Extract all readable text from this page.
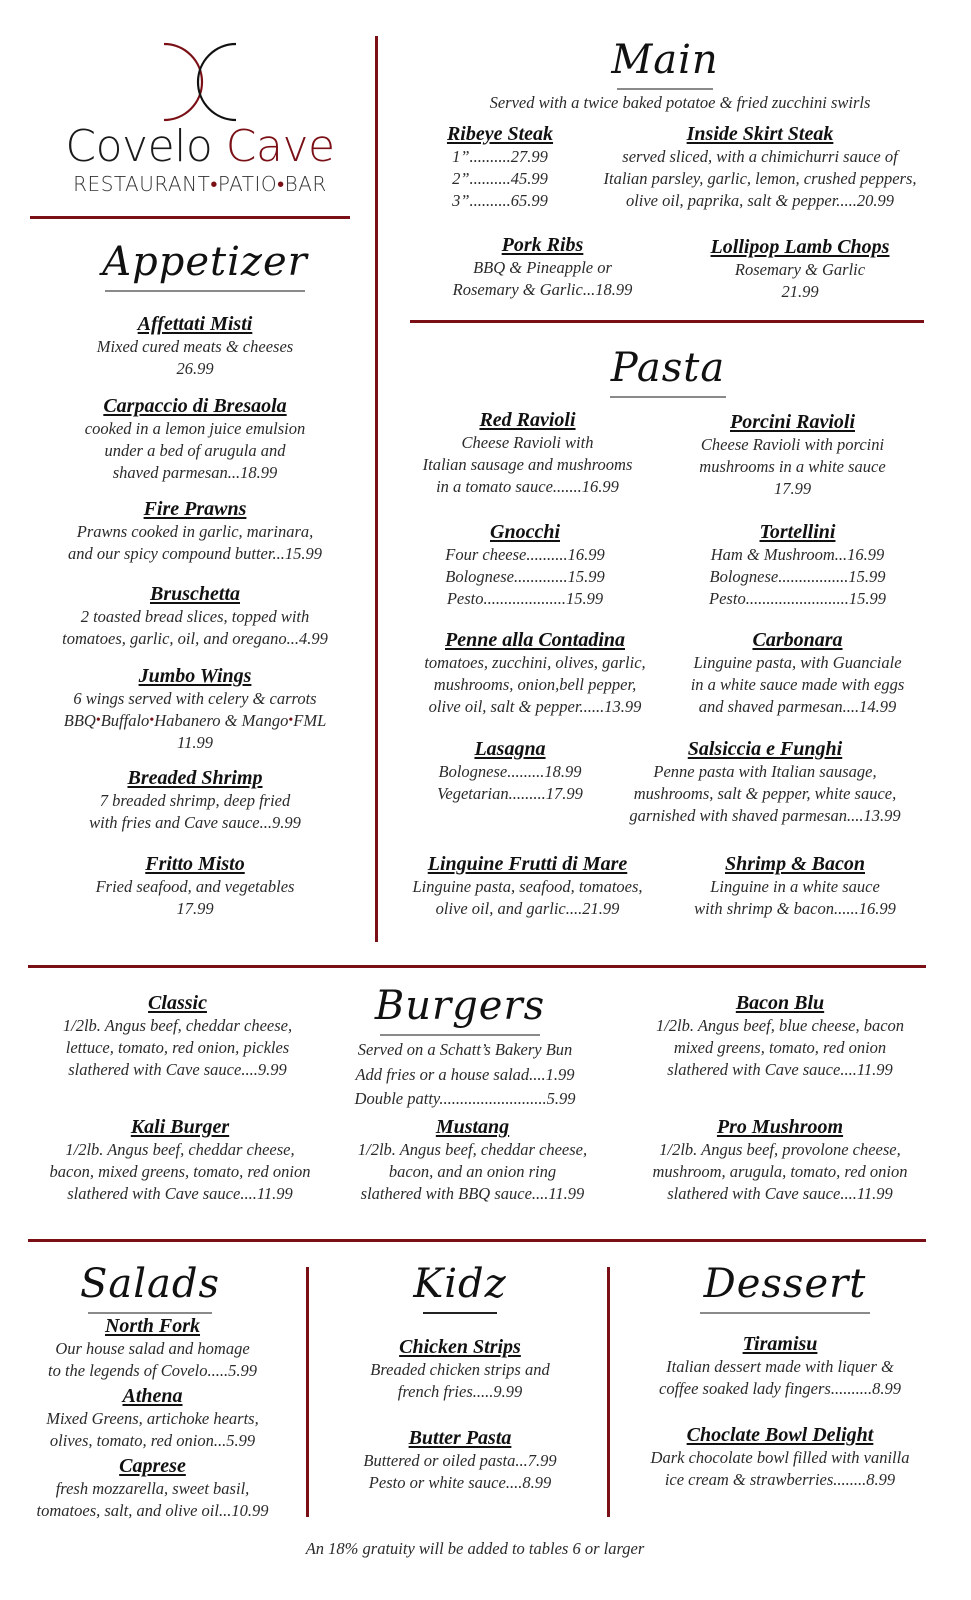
Covelo Cave
RESTAURANT•PATIO•BAR
Appetizer
Affettati Misti
Mixed cured meats & cheeses
26.99
Carpaccio di Bresaola
cooked in a lemon juice emulsion
under a bed of arugula and
shaved parmesan...18.99
Fire Prawns
Prawns cooked in garlic, marinara,
and our spicy compound butter...15.99
Bruschetta
2 toasted bread slices, topped with
tomatoes, garlic, oil, and oregano...4.99
Jumbo Wings
6 wings served with celery & carrots
BBQ•Buffalo•Habanero & Mango•FML
11.99
Breaded Shrimp
7 breaded shrimp, deep fried
with fries and Cave sauce...9.99
Fritto Misto
Fried seafood, and vegetables
17.99
Main
Served with a twice baked potatoe & fried zucchini swirls
Ribeye Steak
1”..........27.99
2”..........45.99
3”..........65.99
Inside Skirt Steak
served sliced, with a chimichurri sauce of
Italian parsley, garlic, lemon, crushed peppers,
olive oil, paprika, salt & pepper.....20.99
Pork Ribs
BBQ & Pineapple or
Rosemary & Garlic...18.99
Lollipop Lamb Chops
Rosemary & Garlic
21.99
Pasta
Red Ravioli
Cheese Ravioli with
Italian sausage and mushrooms
in a tomato sauce.......16.99
Porcini Ravioli
Cheese Ravioli with porcini
mushrooms in a white sauce
17.99
Gnocchi
Four cheese..........16.99
Bolognese.............15.99
Pesto....................15.99
Tortellini
Ham & Mushroom...16.99
Bolognese.................15.99
Pesto.........................15.99
Penne alla Contadina
tomatoes, zucchini, olives, garlic,
mushrooms, onion,bell pepper,
olive oil, salt & pepper......13.99
Carbonara
Linguine pasta, with Guanciale
in a white sauce made with eggs
and shaved parmesan....14.99
Lasagna
Bolognese.........18.99
Vegetarian.........17.99
Salsiccia e Funghi
Penne pasta with Italian sausage,
mushrooms, salt & pepper, white sauce,
garnished with shaved parmesan....13.99
Linguine Frutti di Mare
Linguine pasta, seafood, tomatoes,
olive oil, and garlic....21.99
Shrimp & Bacon
Linguine in a white sauce
with shrimp & bacon......16.99
Burgers
Served on a Schatt’s Bakery Bun
Add fries or a house salad....1.99
Double patty..........................5.99
Classic
1/2lb. Angus beef, cheddar cheese,
lettuce, tomato, red onion, pickles
slathered with Cave sauce....9.99
Bacon Blu
1/2lb. Angus beef, blue cheese, bacon
mixed greens, tomato, red onion
slathered with Cave sauce....11.99
Kali Burger
1/2lb. Angus beef, cheddar cheese,
bacon, mixed greens, tomato, red onion
slathered with Cave sauce....11.99
Mustang
1/2lb. Angus beef, cheddar cheese,
bacon, and an onion ring
slathered with BBQ sauce....11.99
Pro Mushroom
1/2lb. Angus beef, provolone cheese,
mushroom, arugula, tomato, red onion
slathered with Cave sauce....11.99
Salads
North Fork
Our house salad and homage
to the legends of Covelo.....5.99
Athena
Mixed Greens, artichoke hearts,
olives, tomato, red onion...5.99
Caprese
fresh mozzarella, sweet basil,
tomatoes, salt, and olive oil...10.99
Kidz
Chicken Strips
Breaded chicken strips and
french fries.....9.99
Butter Pasta
Buttered or oiled pasta...7.99
Pesto or white sauce....8.99
Dessert
Tiramisu
Italian dessert made with liquer &
coffee soaked lady fingers..........8.99
Choclate Bowl Delight
Dark chocolate bowl filled with vanilla
ice cream & strawberries........8.99
An 18% gratuity will be added to tables 6 or larger
